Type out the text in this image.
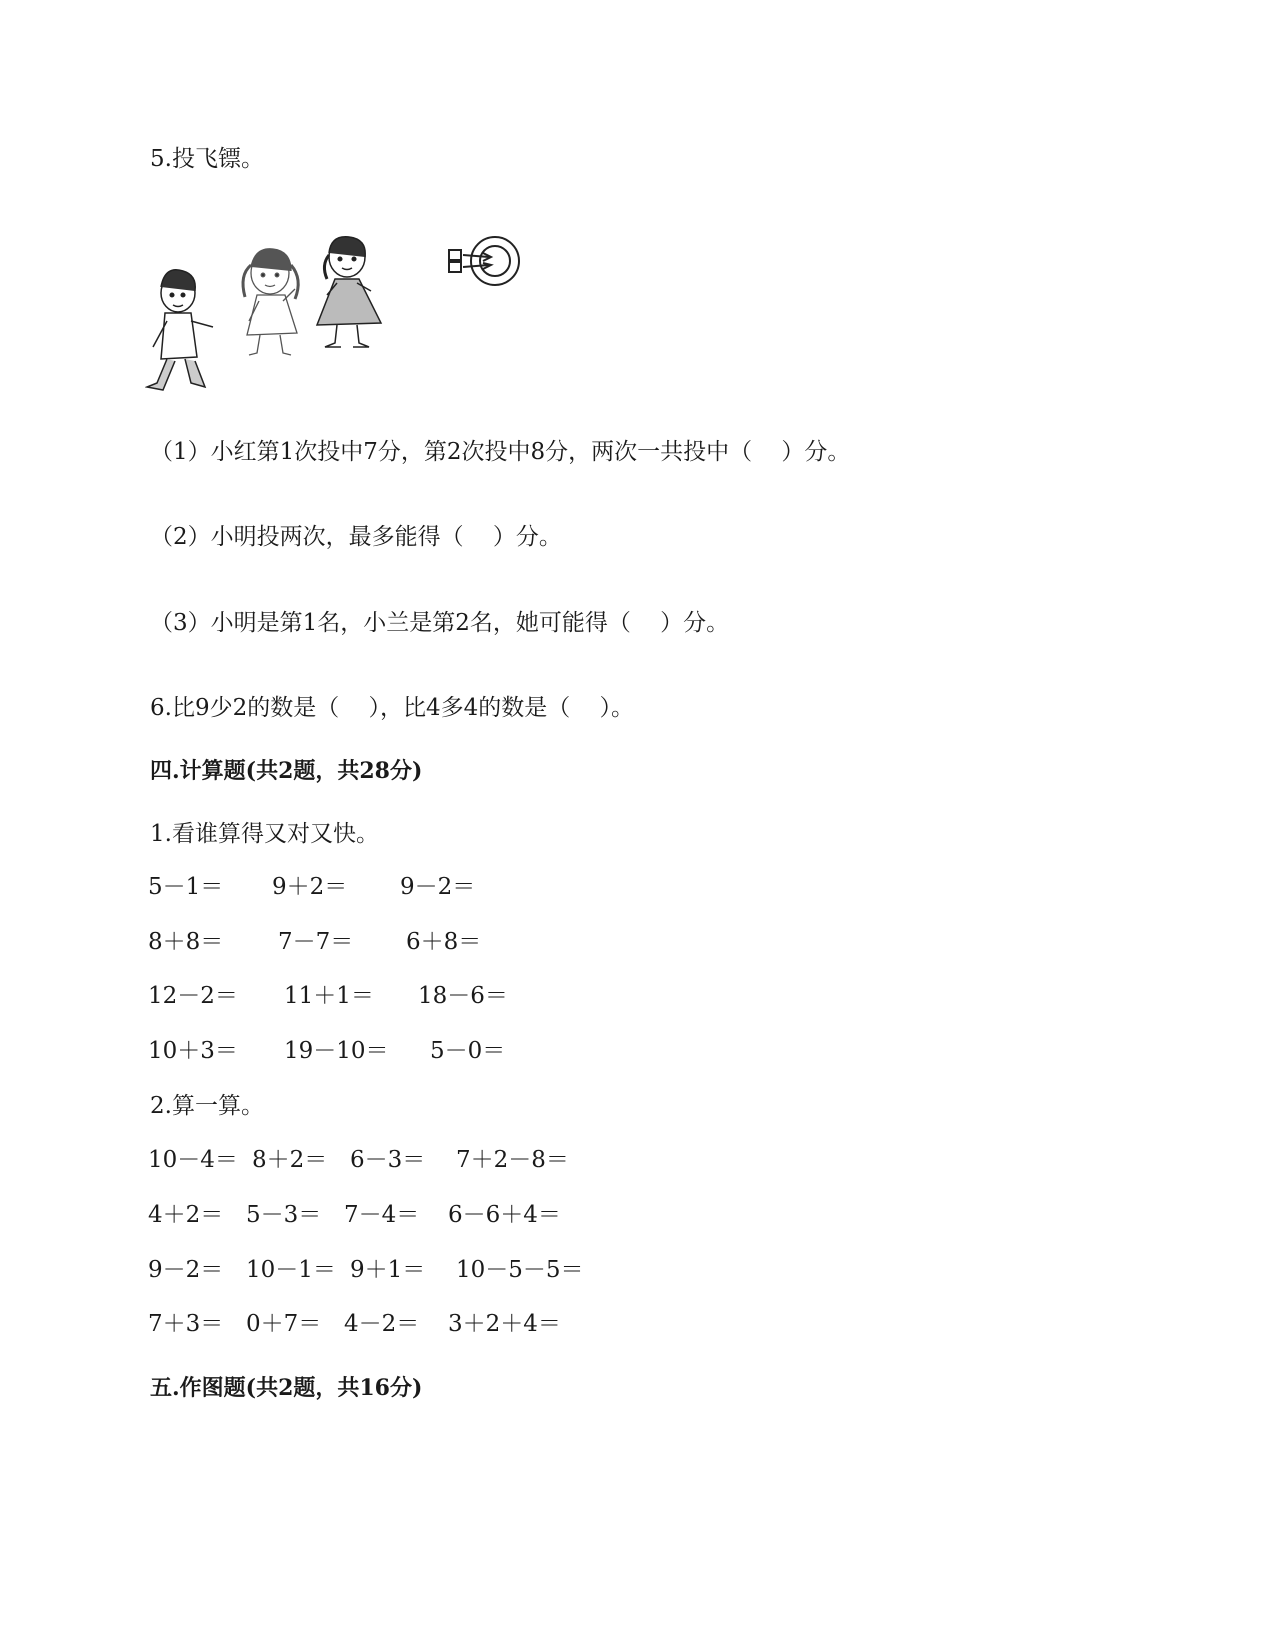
5.投飞镖。
（1）小红第1次投中7分，第2次投中8分，两次一共投中（    ）分。
（2）小明投两次，最多能得（    ）分。
（3）小明是第1名，小兰是第2名，她可能得（    ）分。
6.比9少2的数是（    ），比4多4的数是（    ）。
四.计算题(共2题，共28分)
1.看谁算得又对又快。
5－1＝ 9＋2＝ 9－2＝
8＋8＝ 7－7＝ 6＋8＝
12－2＝ 11＋1＝ 18－6＝
10＋3＝ 19－10＝ 5－0＝
2.算一算。
10－4＝ 8＋2＝ 6－3＝ 7＋2－8＝
4＋2＝ 5－3＝ 7－4＝ 6－6＋4＝
9－2＝ 10－1＝ 9＋1＝ 10－5－5＝
7＋3＝ 0＋7＝ 4－2＝ 3＋2＋4＝
五.作图题(共2题，共16分)
